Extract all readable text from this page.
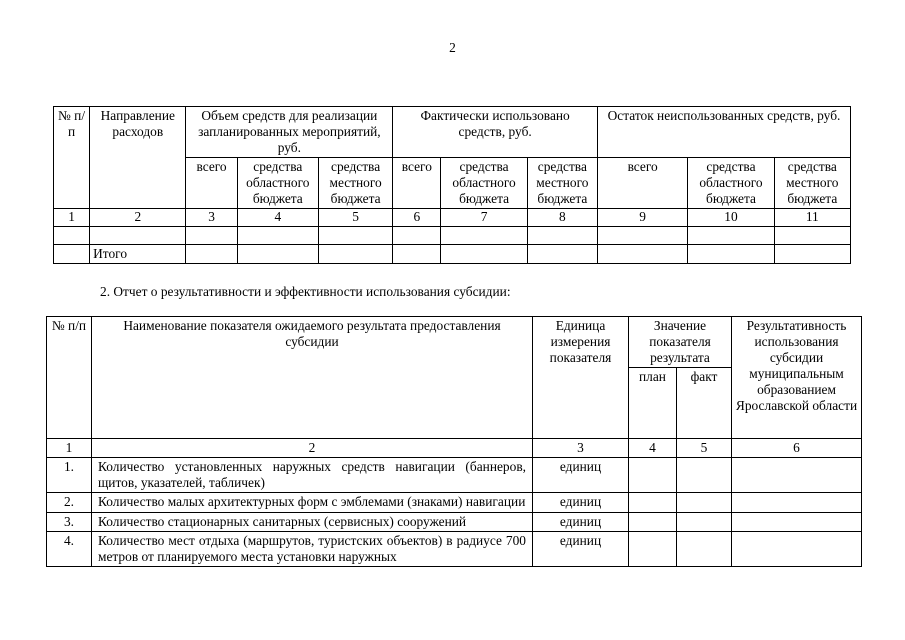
2
№ п/п	Направление расходов	Объем средств для реализации запланированных мероприятий, руб.			Фактически использовано средств, руб.			Остаток неиспользованных средств, руб.		
		всего	средства областного бюджета	средства местного бюджета	всего	средства областного бюджета	средства местного бюджета	всего	средства областного бюджета	средства местного бюджета
1	2	3	4	5	6	7	8	9	10	11

	Итого									
2. Отчет о результативности и эффективности использования субсидии:
№ п/п	Наименование показателя ожидаемого результата предоставления субсидии	Единица измерения показателя	Значение показателя результата		Результативность использования субсидии муниципальным образованием Ярославской области
			план	факт	
1	2	3	4	5	6
1.	Количество установленных наружных средств навигации (баннеров, щитов, указателей, табличек)	единиц			
2.	Количество малых архитектурных форм с эмблемами (знаками) навигации	единиц			
3.	Количество стационарных санитарных (сервисных) сооружений	единиц			
4.	Количество мест отдыха (маршрутов, туристских объектов) в радиусе 700 метров от планируемого места установки наружных	единиц			
